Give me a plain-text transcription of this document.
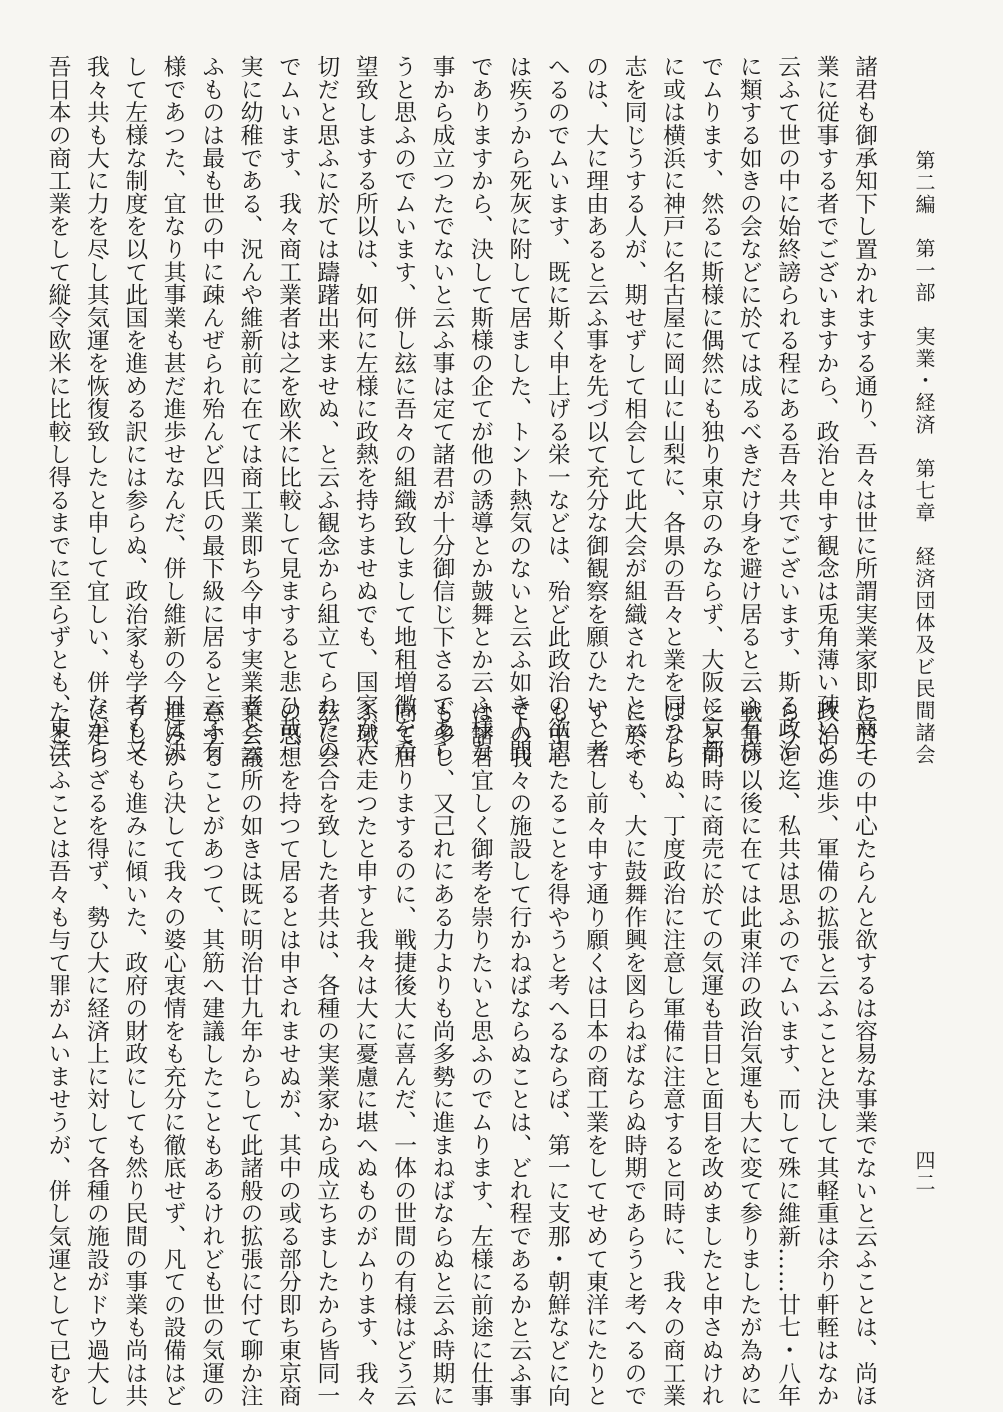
第二編
第一部
実業・経済
第七章
経済団体及ビ民間諸会
四二
諸君も御承知下し置かれまする通り、吾々は世に所謂実業家即ち商工
業に従事する者でございますから、政治と申す観念は兎角薄い疎いと
云ふて世の中に始終謗られる程にある吾々共でございます、斯る政治
に類する如きの会などに於ては成るべきだけ身を避け居ると云ふ有様
でムります、然るに斯様に偶然にも独り東京のみならず、大阪に京都
に或は横浜に神戸に名古屋に岡山に山梨に、各県の吾々と業を同うし
志を同じうする人が、期せずして相会して此大会が組織されたと云ふ
のは、大に理由あると云ふ事を先づ以て充分な御観察を願ひたいと考
へるのでムいます、既に斯く申上げる栄一などは、殆ど此政治の欲望
は疾うから死灰に附して居ました、トント熱気のないと云ふ如き人間
でありますから、決して斯様の企てが他の誘導とか皷舞とか云ふ様な
事から成立つたでないと云ふ事は定て諸君が十分御信じ下さるであら
うと思ふのでムいます、併し玆に吾々の組織致しまして地租増徴を希
望致しまする所以は、如何に左様に政熱を持ちませぬでも、国家が大
切だと思ふに於ては躊躇出来ませぬ、と云ふ観念から組立てられたの
でムいます、我々商工業者は之を欧米に比較して見ますると悲ひ哉、
実に幼稚である、況んや維新前に在ては商工業即ち今申す実業者と云
ふものは最も世の中に疎んぜられ殆んど四氏の最下級に居ると云ふ有
様であつた、宜なり其事業も甚だ進歩せなんだ、併し維新の今日は決
して左様な制度を以て此国を進める訳には参らぬ、政治家も学者も又
我々共も大に力を尽し其気運を恢復致したと申して宜しい、併ながら
吾日本の商工業をして縦令欧米に比較し得るまでに至らずとも、東洋
に於ての中心たらんと欲するは容易な事業でないと云ふことは、尚ほ
政治の進歩、軍備の拡張と云ふことと決して其軽重は余り軒輊はなか
らうと迄、私共は思ふのでムいます、而して殊に維新……廿七・八年
戦争の以後に在ては此東洋の政治気運も大に変て参りましたが為めに
之と同時に商売に於ての気運も昔日と面目を改めましたと申さぬけれ
ばならぬ、丁度政治に注意し軍備に注意すると同時に、我々の商工業
に於ても、大に鼓舞作興を図らねばならぬ時期であらうと考へるので
す、若し前々申す通り願くは日本の商工業をしてせめて東洋にたりと
も中心たることを得やうと考へるならば、第一に支那・朝鮮などに向
ての我々の施設して行かねばならぬことは、どれ程であるかと云ふ事
は諸君宜しく御考を崇りたいと思ふのでムります、左様に前途に仕事
も多し、又己れにある力よりも尚多勢に進まねばならぬと云ふ時期に
向て居りまするのに、戦捷後大に喜んだ、一体の世間の有様はどう云
ふ域に走つたと申すと我々は大に憂慮に堪へぬものがムります、我々
玆に会合を致した者共は、各種の実業家から成立ちましたから皆同一
の思想を持つて居るとは申されませぬが、其中の或る部分即ち東京商
業会議所の如きは既に明治廿九年からして此諸般の拡張に付て聊か注
意することがあつて、其筋へ建議したこともあるけれども世の気運の
進みから決して我々の婆心衷情をも充分に徹底せず、凡ての設備はど
うしても進みに傾いた、政府の財政にしても然り民間の事業も尚は共
に走らざるを得ず、勢ひ大に経済上に対して各種の施設がドウ過大し
たと云ふことは吾々も与て罪がムいませうが、併し気運として已むを
